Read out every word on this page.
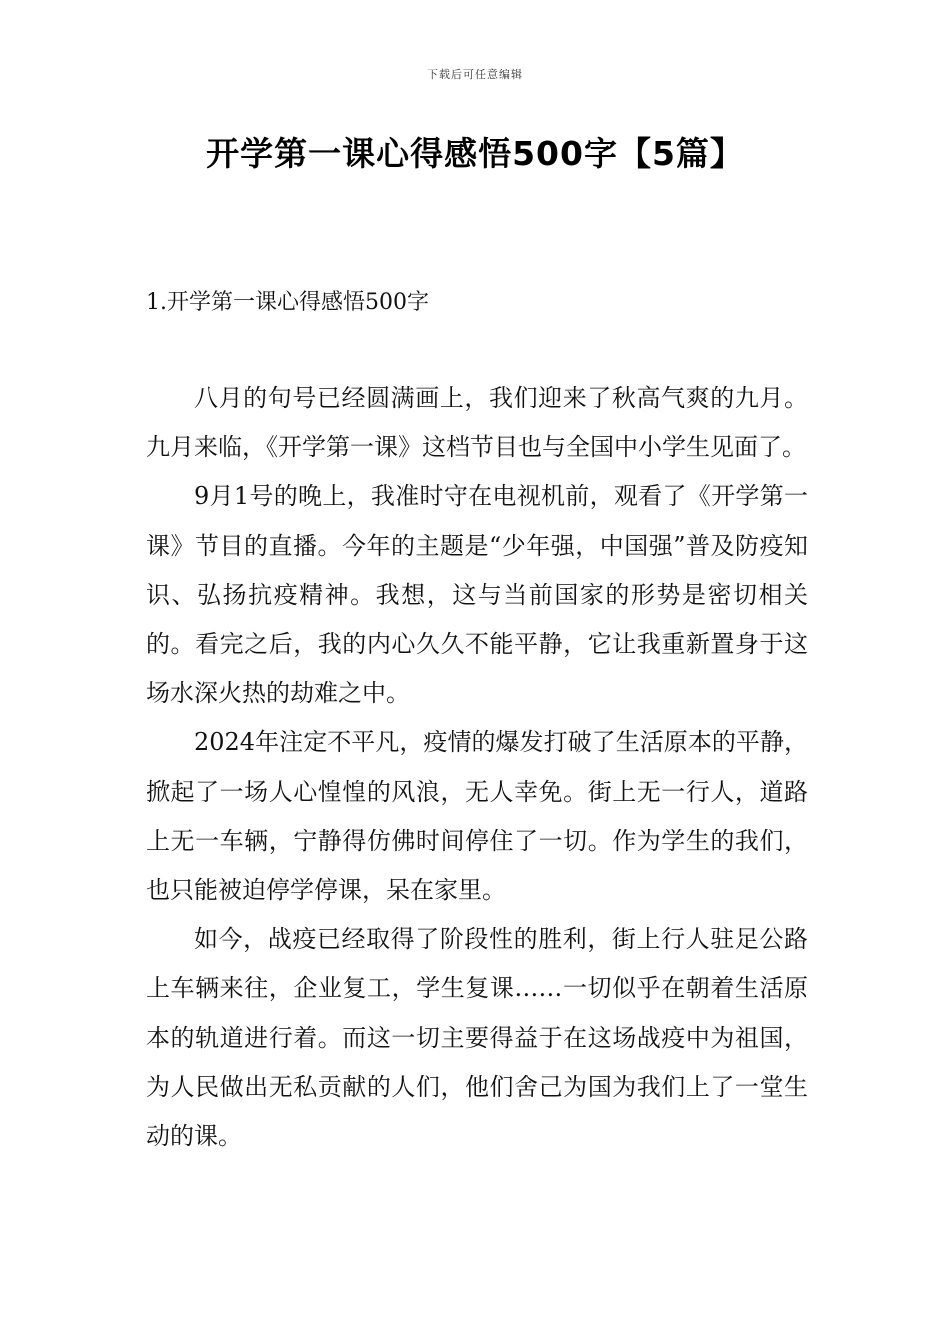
下载后可任意编辑
开学第一课心得感悟500字【5篇】
1.开学第一课心得感悟500字

八月的句号已经圆满画上，我们迎来了秋高气爽的九月。九月来临，《开学第一课》这档节目也与全国中小学生见面了。

9月1号的晚上，我准时守在电视机前，观看了《开学第一课》节目的直播。今年的主题是“少年强，中国强”普及防疫知识、弘扬抗疫精神。我想，这与当前国家的形势是密切相关的。看完之后，我的内心久久不能平静，它让我重新置身于这场水深火热的劫难之中。

2024年注定不平凡，疫情的爆发打破了生活原本的平静，掀起了一场人心惶惶的风浪，无人幸免。街上无一行人，道路上无一车辆，宁静得仿佛时间停住了一切。作为学生的我们，也只能被迫停学停课，呆在家里。

如今，战疫已经取得了阶段性的胜利，街上行人驻足公路上车辆来往，企业复工，学生复课……一切似乎在朝着生活原本的轨道进行着。而这一切主要得益于在这场战疫中为祖国，为人民做出无私贡献的人们，他们舍己为国为我们上了一堂生动的课。
